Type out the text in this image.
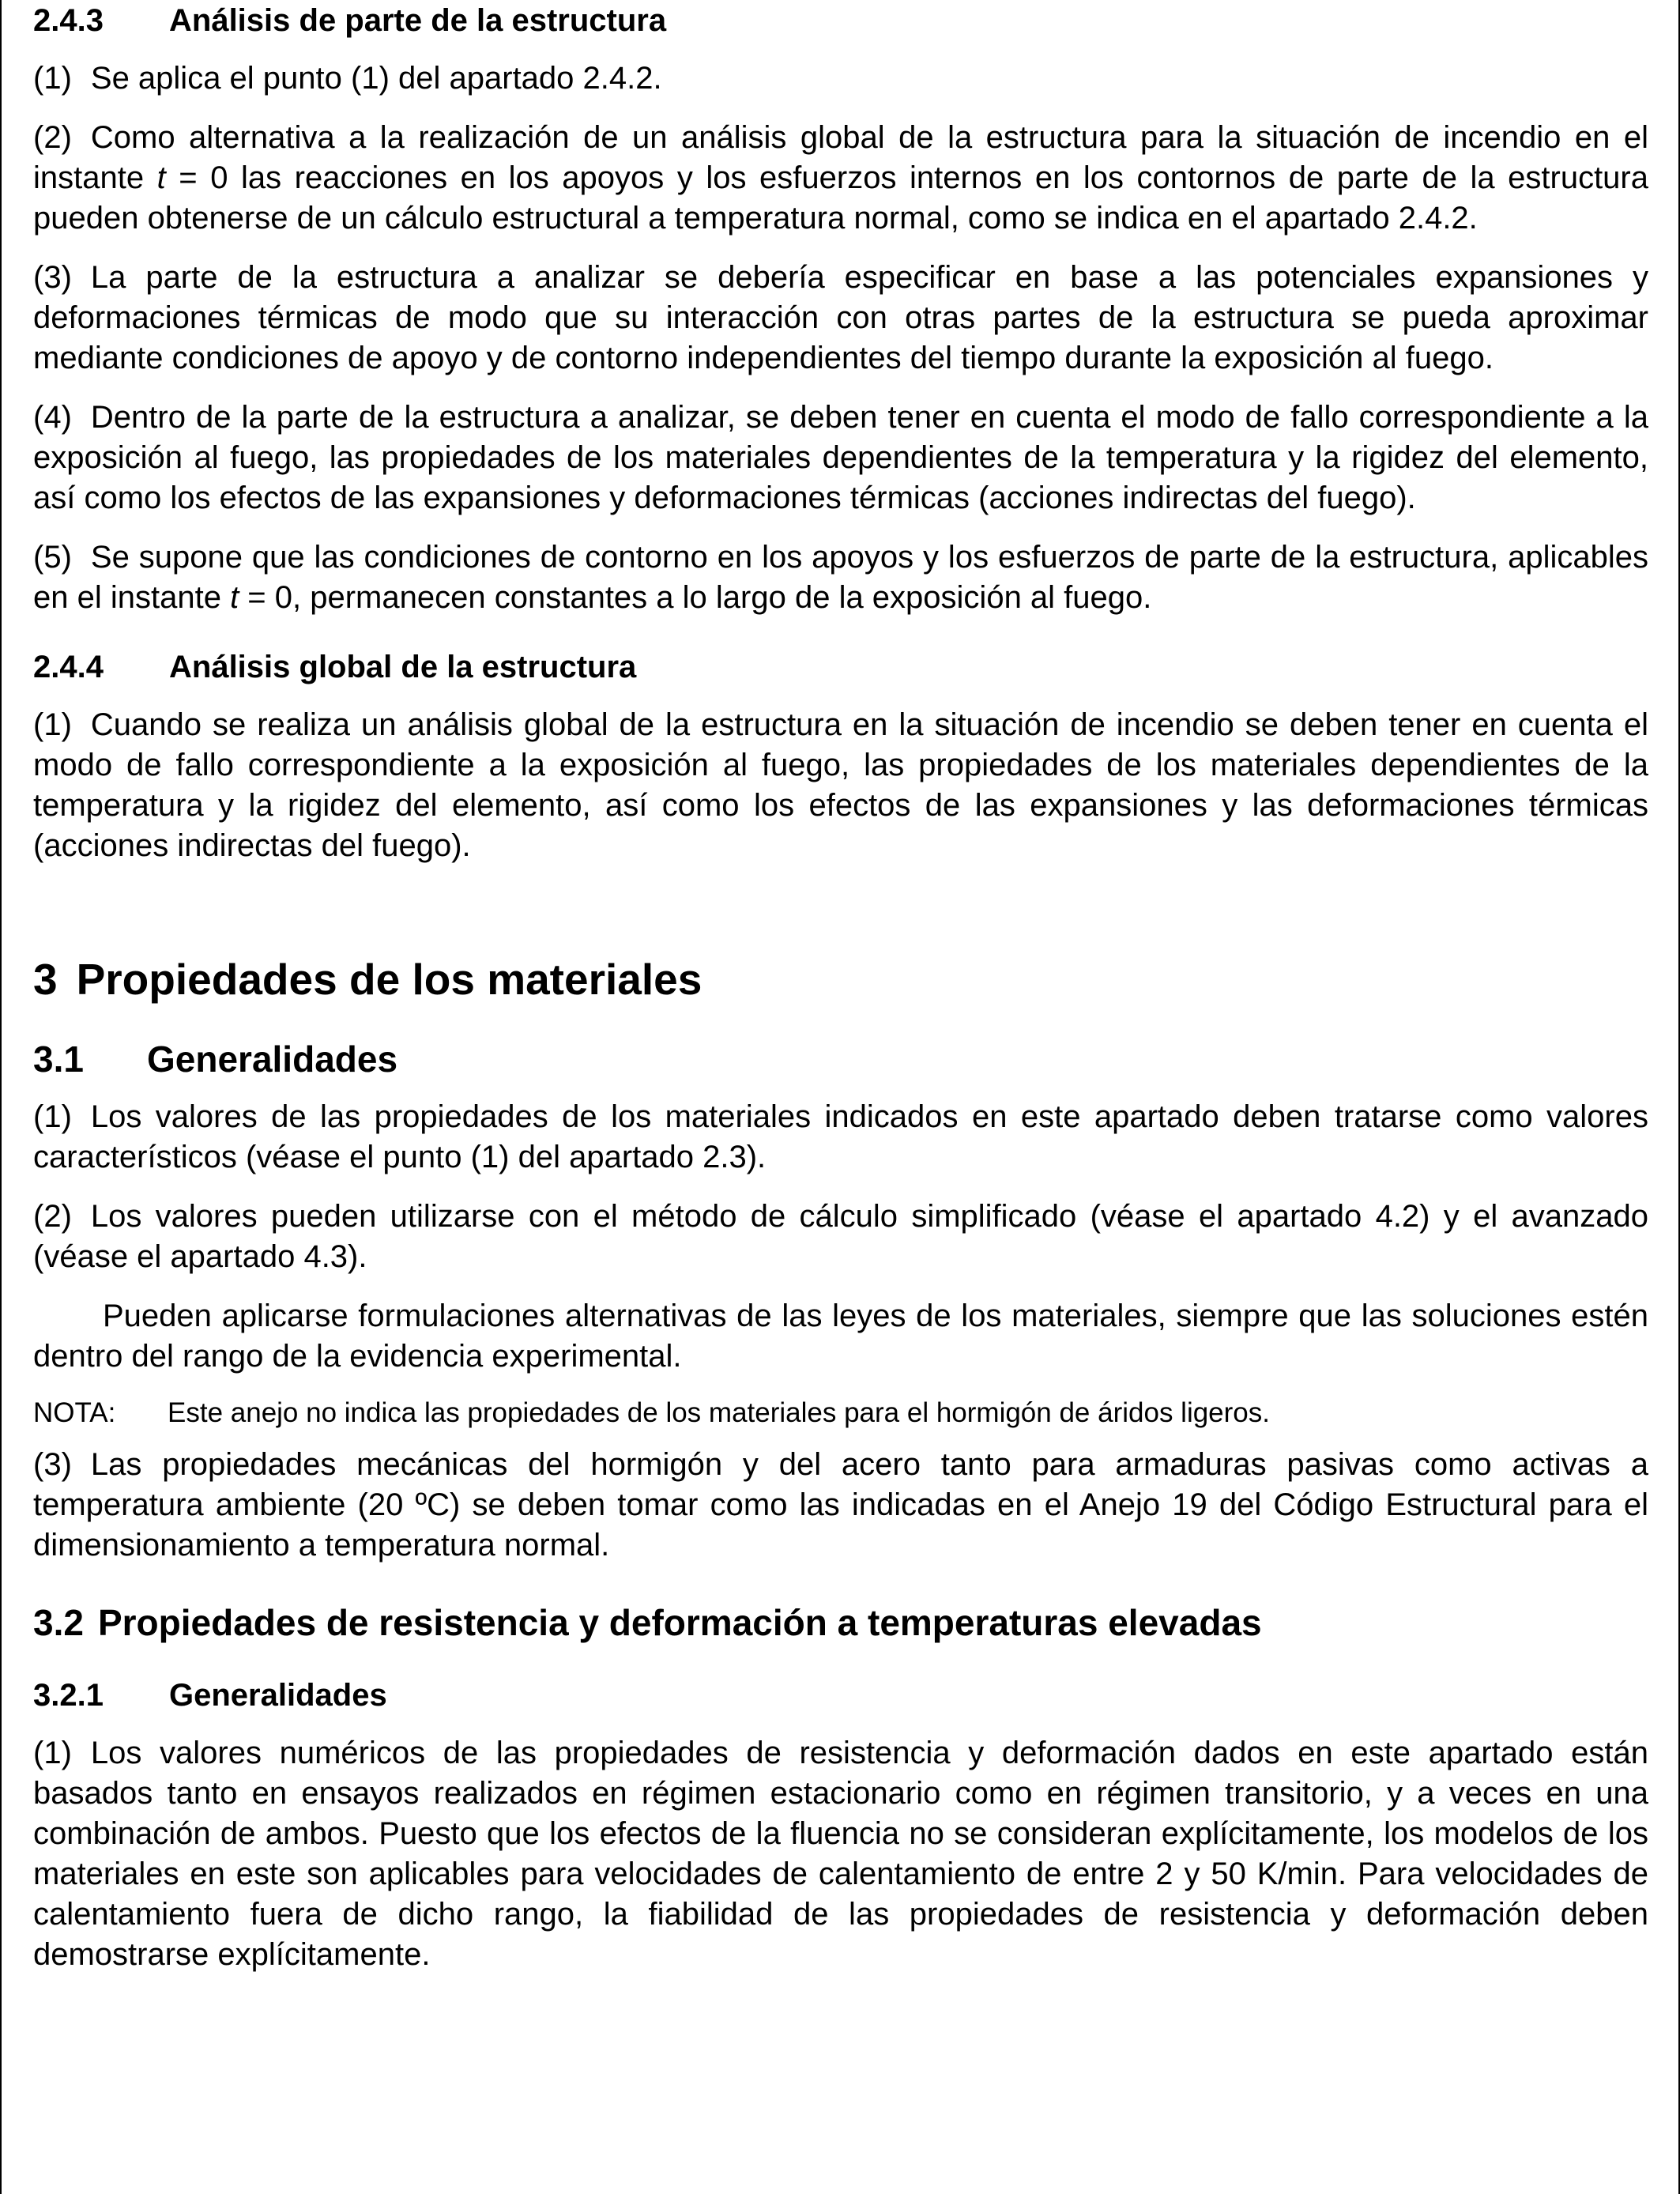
2.4.3	Análisis de parte de la estructura

(1) Se aplica el punto (1) del apartado 2.4.2.

(2) Como alternativa a la realización de un análisis global de la estructura para la situación de incendio en el instante t = 0 las reacciones en los apoyos y los esfuerzos internos en los contornos de parte de la estructura pueden obtenerse de un cálculo estructural a temperatura normal, como se indica en el apartado 2.4.2.

(3) La parte de la estructura a analizar se debería especificar en base a las potenciales expansiones y deformaciones térmicas de modo que su interacción con otras partes de la estructura se pueda aproximar mediante condiciones de apoyo y de contorno independientes del tiempo durante la exposición al fuego.

(4) Dentro de la parte de la estructura a analizar, se deben tener en cuenta el modo de fallo correspondiente a la exposición al fuego, las propiedades de los materiales dependientes de la temperatura y la rigidez del elemento, así como los efectos de las expansiones y deformaciones térmicas (acciones indirectas del fuego).

(5) Se supone que las condiciones de contorno en los apoyos y los esfuerzos de parte de la estructura, aplicables en el instante t = 0, permanecen constantes a lo largo de la exposición al fuego.

2.4.4	Análisis global de la estructura

(1) Cuando se realiza un análisis global de la estructura en la situación de incendio se deben tener en cuenta el modo de fallo correspondiente a la exposición al fuego, las propiedades de los materiales dependientes de la temperatura y la rigidez del elemento, así como los efectos de las expansiones y las deformaciones térmicas (acciones indirectas del fuego).

3 Propiedades de los materiales
3.1	Generalidades

(1) Los valores de las propiedades de los materiales indicados en este apartado deben tratarse como valores característicos (véase el punto (1) del apartado 2.3).

(2) Los valores pueden utilizarse con el método de cálculo simplificado (véase el apartado 4.2) y el avanzado (véase el apartado 4.3).

Pueden aplicarse formulaciones alternativas de las leyes de los materiales, siempre que las soluciones estén dentro del rango de la evidencia experimental.

NOTA:	Este anejo no indica las propiedades de los materiales para el hormigón de áridos ligeros.

(3) Las propiedades mecánicas del hormigón y del acero tanto para armaduras pasivas como activas a temperatura ambiente (20 ºC) se deben tomar como las indicadas en el Anejo 19 del Código Estructural para el dimensionamiento a temperatura normal.

3.2 Propiedades de resistencia y deformación a temperaturas elevadas
3.2.1	Generalidades

(1) Los valores numéricos de las propiedades de resistencia y deformación dados en este apartado están basados tanto en ensayos realizados en régimen estacionario como en régimen transitorio, y a veces en una combinación de ambos. Puesto que los efectos de la fluencia no se consideran explícitamente, los modelos de los materiales en este son aplicables para velocidades de calentamiento de entre 2 y 50 K/min. Para velocidades de calentamiento fuera de dicho rango, la fiabilidad de las propiedades de resistencia y deformación deben demostrarse explícitamente.
